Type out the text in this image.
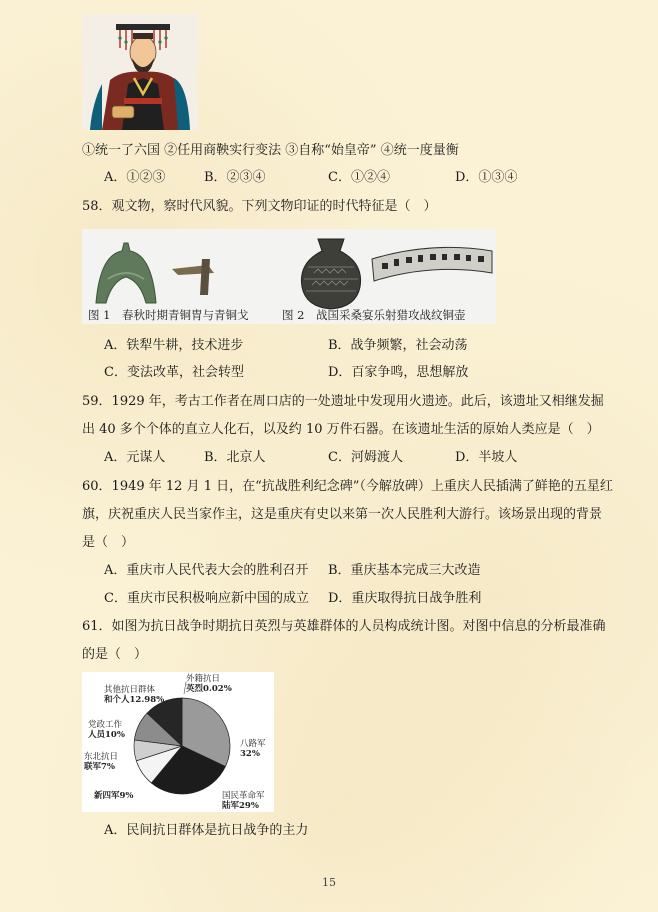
①统一了六国 ②任用商鞅实行变法 ③自称“始皇帝” ④统一度量衡
A．①②③	B．②③④	C．①②④	D．①③④
58．观文物，察时代风貌。下列文物印证的时代特征是（　）
图 1　春秋时期青铜胄与青铜戈	图 2　战国采桑宴乐射猎攻战纹铜壶
A．铁犁牛耕，技术进步	B．战争频繁，社会动荡
C．变法改革，社会转型	D．百家争鸣，思想解放
59．1929 年，考古工作者在周口店的一处遗址中发现用火遗迹。此后，该遗址又相继发掘
出 40 多个个体的直立人化石，以及约 10 万件石器。在该遗址生活的原始人类应是（　）
A．元谋人	B．北京人	C．河姆渡人	D．半坡人
60．1949 年 12 月 1 日，在“抗战胜利纪念碑”（今解放碑）上重庆人民插满了鲜艳的五星红
旗，庆祝重庆人民当家作主，这是重庆有史以来第一次人民胜利大游行。该场景出现的背景
是（　）
A．重庆市人民代表大会的胜利召开 B．重庆基本完成三大改造
C．重庆市民积极响应新中国的成立 D．重庆取得抗日战争胜利
61．如图为抗日战争时期抗日英烈与英雄群体的人员构成统计图。对图中信息的分析最准确
的是（　）
外籍抗日
英烈0.02%
其他抗日群体
和个人12.98%
党政工作
人员10%
东北抗日
联军7%
新四军9%
八路军
32%
国民革命军
陆军29%
A．民间抗日群体是抗日战争的主力
15
